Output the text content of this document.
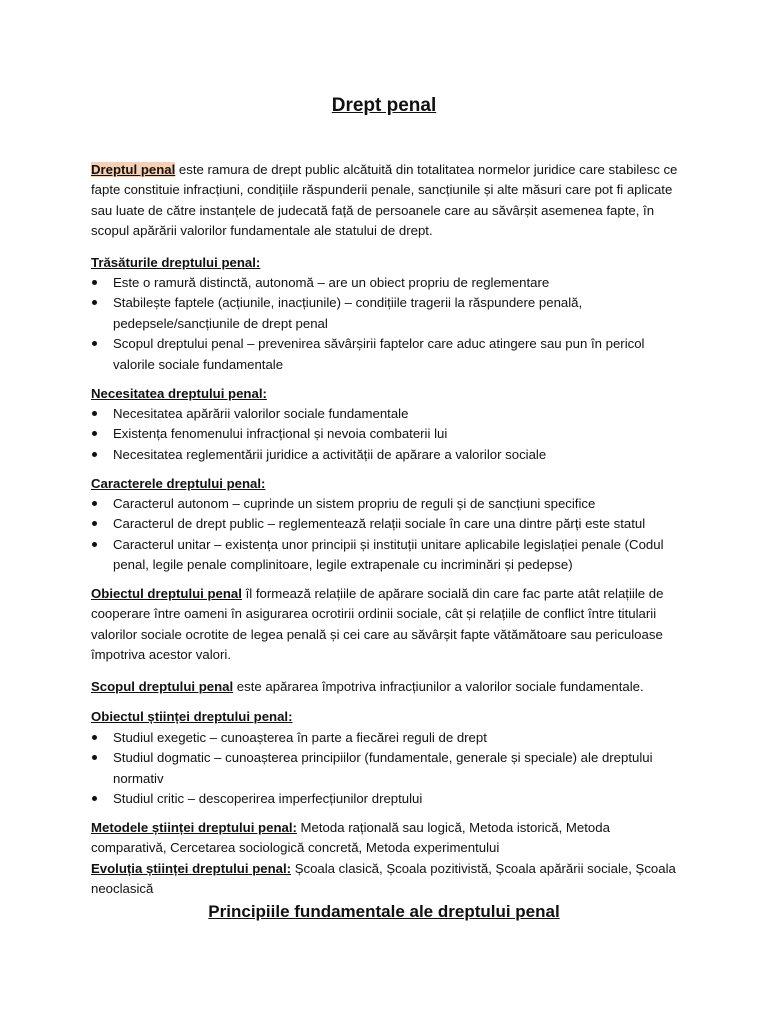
Drept penal

Dreptul penal este ramura de drept public alcătuită din totalitatea normelor juridice care stabilesc ce fapte constituie infracțiuni, condițiile răspunderii penale, sancțiunile și alte măsuri care pot fi aplicate sau luate de către instanțele de judecată față de persoanele care au săvârșit asemenea fapte, în scopul apărării valorilor fundamentale ale statului de drept.

Trăsăturile dreptului penal:

Este o ramură distinctă, autonomă – are un obiect propriu de reglementare
Stabilește faptele (acțiunile, inacțiunile) – condițiile tragerii la răspundere penală, pedepsele/sancțiunile de drept penal
Scopul dreptului penal – prevenirea săvârșirii faptelor care aduc atingere sau pun în pericol valorile sociale fundamentale

Necesitatea dreptului penal:

Necesitatea apărării valorilor sociale fundamentale
Existența fenomenului infracțional și nevoia combaterii lui
Necesitatea reglementării juridice a activității de apărare a valorilor sociale

Caracterele dreptului penal:

Caracterul autonom – cuprinde un sistem propriu de reguli și de sancțiuni specifice
Caracterul de drept public – reglementează relații sociale în care una dintre părți este statul
Caracterul unitar – existența unor principii și instituții unitare aplicabile legislației penale (Codul penal, legile penale complinitoare, legile extrapenale cu incriminări și pedepse)

Obiectul dreptului penal îl formează relațiile de apărare socială din care fac parte atât relațiile de cooperare între oameni în asigurarea ocrotirii ordinii sociale, cât și relațiile de conflict între titularii valorilor sociale ocrotite de legea penală și cei care au săvârșit fapte vătămătoare sau periculoase împotriva acestor valori.

Scopul dreptului penal este apărarea împotriva infracțiunilor a valorilor sociale fundamentale.

Obiectul științei dreptului penal:

Studiul exegetic – cunoașterea în parte a fiecărei reguli de drept
Studiul dogmatic – cunoașterea principiilor (fundamentale, generale și speciale) ale dreptului normativ
Studiul critic – descoperirea imperfecțiunilor dreptului

Metodele științei dreptului penal: Metoda rațională sau logică, Metoda istorică, Metoda comparativă, Cercetarea sociologică concretă, Metoda experimentului

Evoluția științei dreptului penal: Școala clasică, Școala pozitivistă, Școala apărării sociale, Școala neoclasică

Principiile fundamentale ale dreptului penal
